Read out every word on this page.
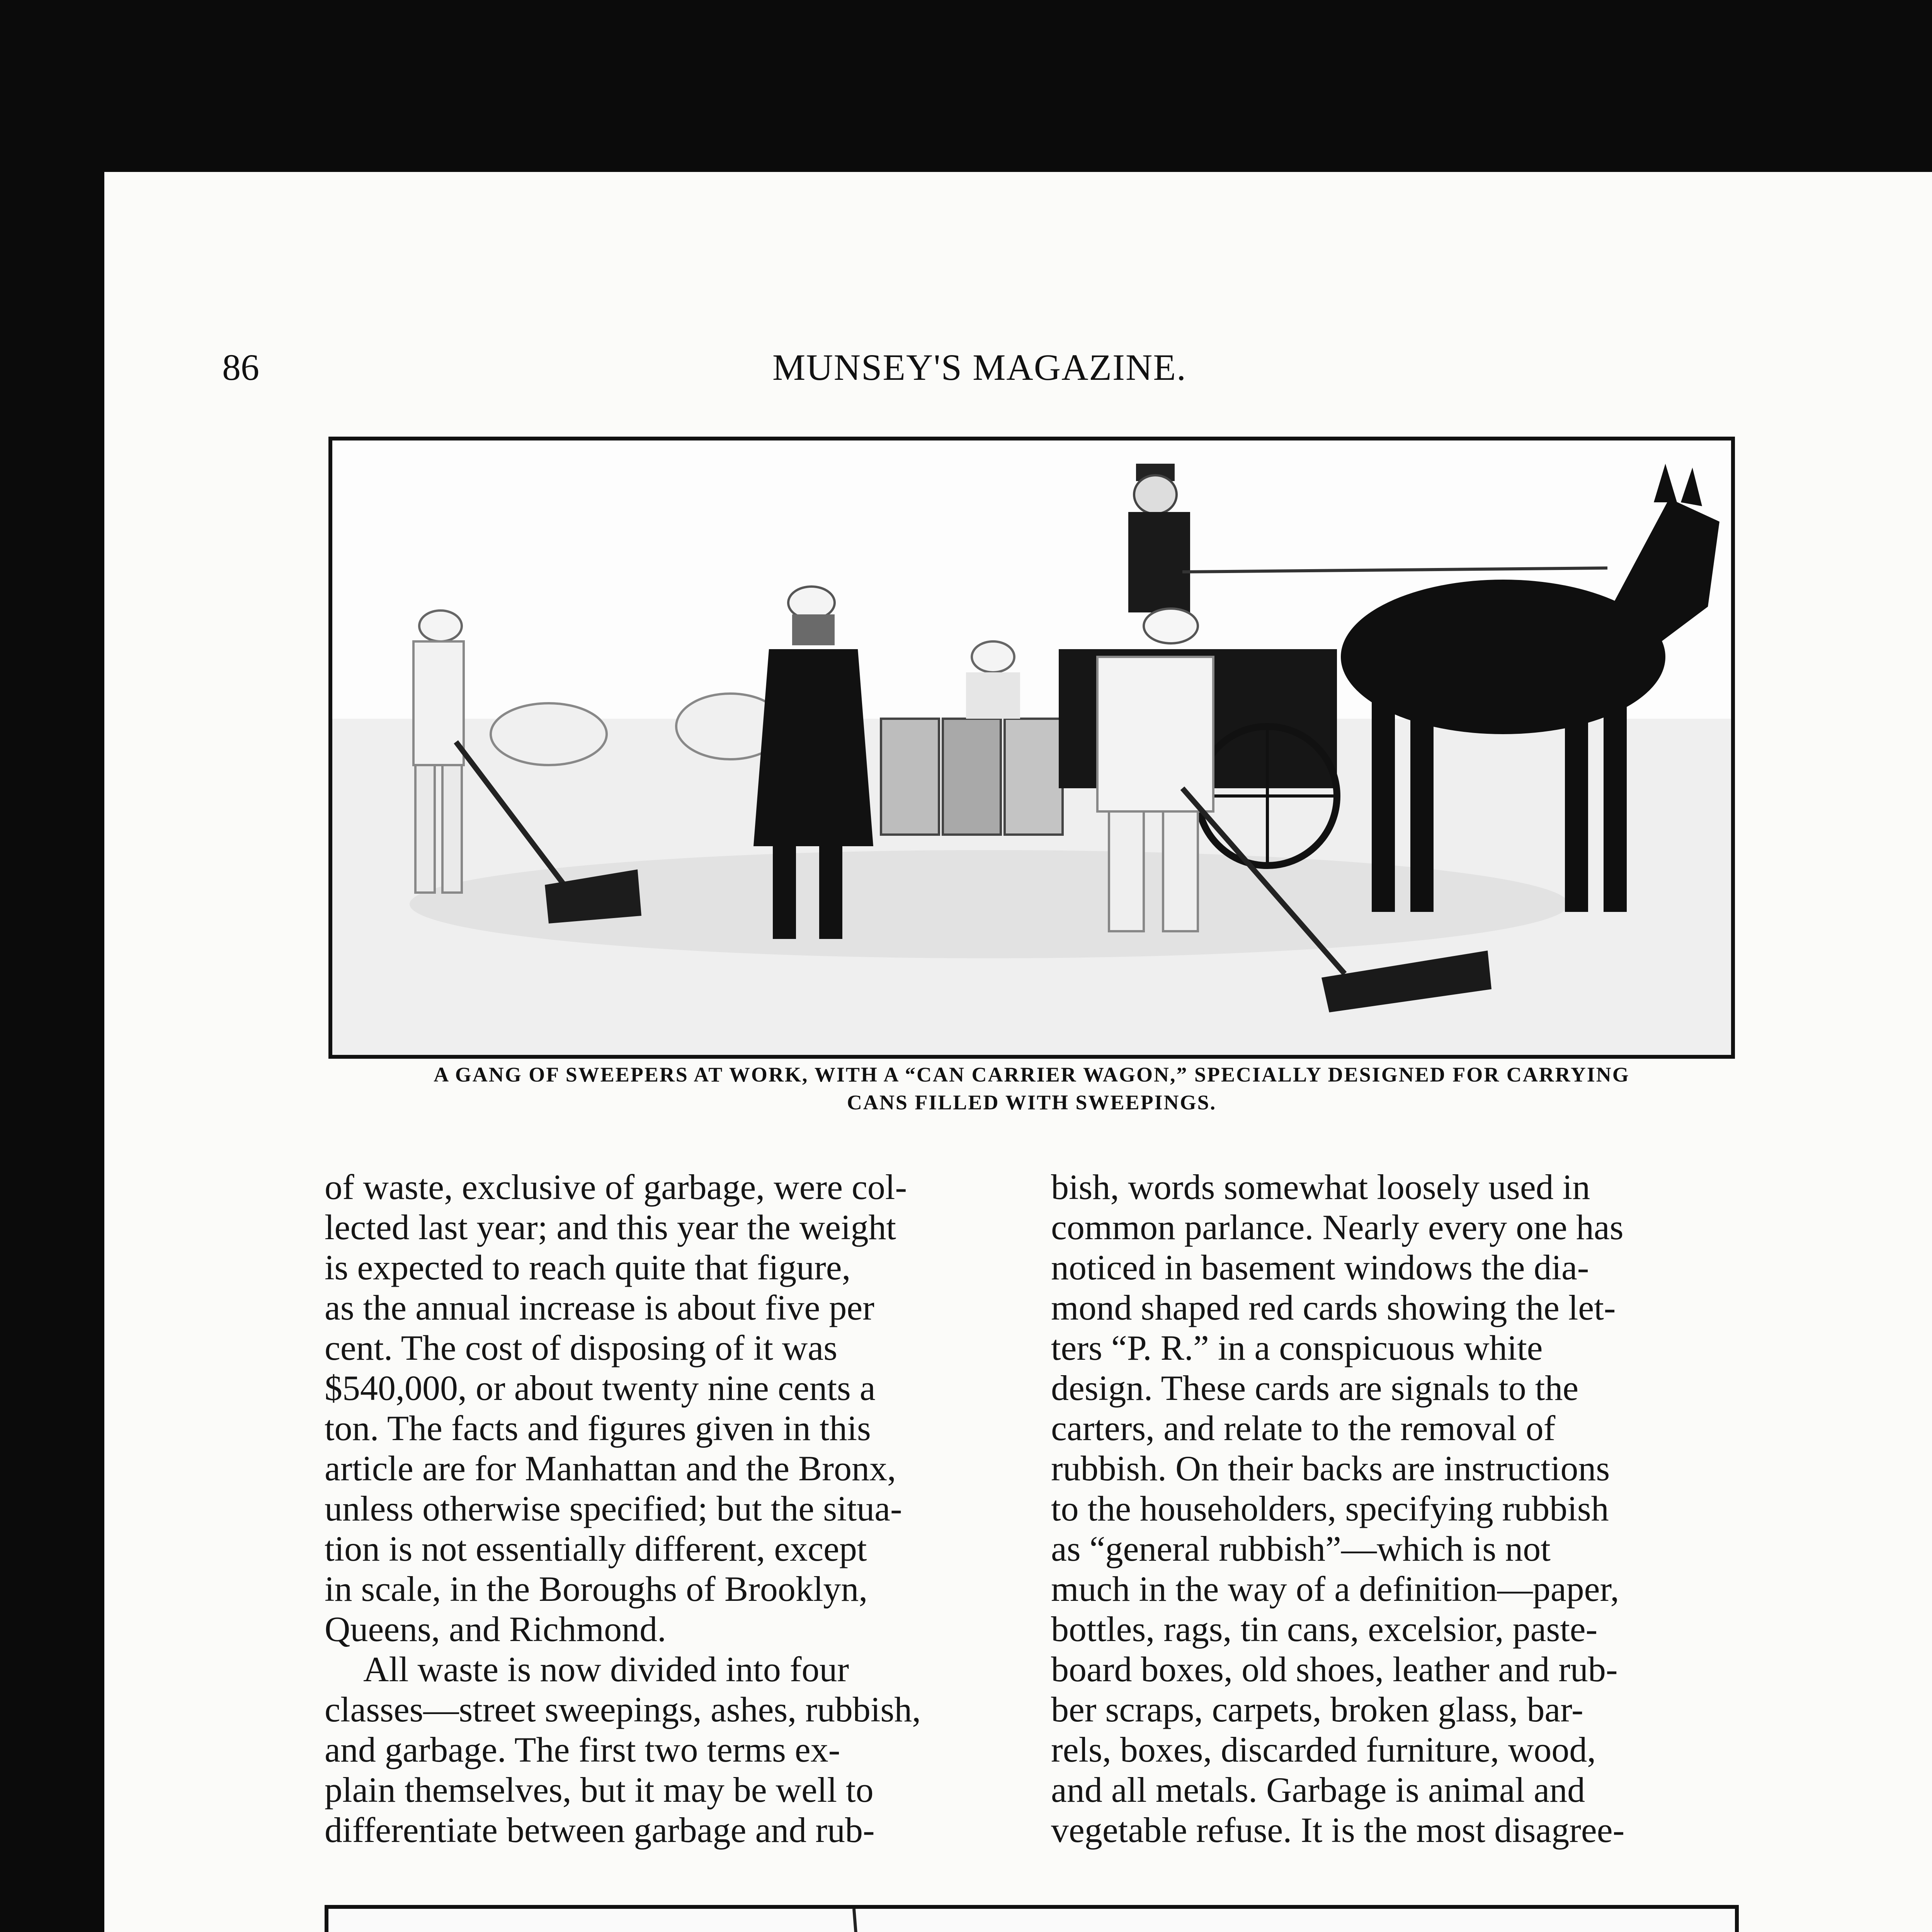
86	MUNSEY'S MAGAZINE.
A GANG OF SWEEPERS AT WORK, WITH A “CAN CARRIER WAGON,” SPECIALLY DESIGNED FOR CARRYING
CANS FILLED WITH SWEEPINGS.

of waste, exclusive of garbage, were col-

lected last year; and this year the weight

is expected to reach quite that figure,

as the annual increase is about five per

cent. The cost of disposing of it was

$540,000, or about twenty nine cents a

ton. The facts and figures given in this

article are for Manhattan and the Bronx,

unless otherwise specified; but the situa-

tion is not essentially different, except

in scale, in the Boroughs of Brooklyn,

Queens, and Richmond.

All waste is now divided into four

classes—street sweepings, ashes, rubbish,

and garbage. The first two terms ex-

plain themselves, but it may be well to

differentiate between garbage and rub-

bish, words somewhat loosely used in

common parlance. Nearly every one has

noticed in basement windows the dia-

mond shaped red cards showing the let-

ters “P. R.” in a conspicuous white

design. These cards are signals to the

carters, and relate to the removal of

rubbish. On their backs are instructions

to the householders, specifying rubbish

as “general rubbish”—which is not

much in the way of a definition—paper,

bottles, rags, tin cans, excelsior, paste-

board boxes, old shoes, leather and rub-

ber scraps, carpets, broken glass, bar-

rels, boxes, discarded furniture, wood,

and all metals. Garbage is animal and

vegetable refuse. It is the most disagree-
